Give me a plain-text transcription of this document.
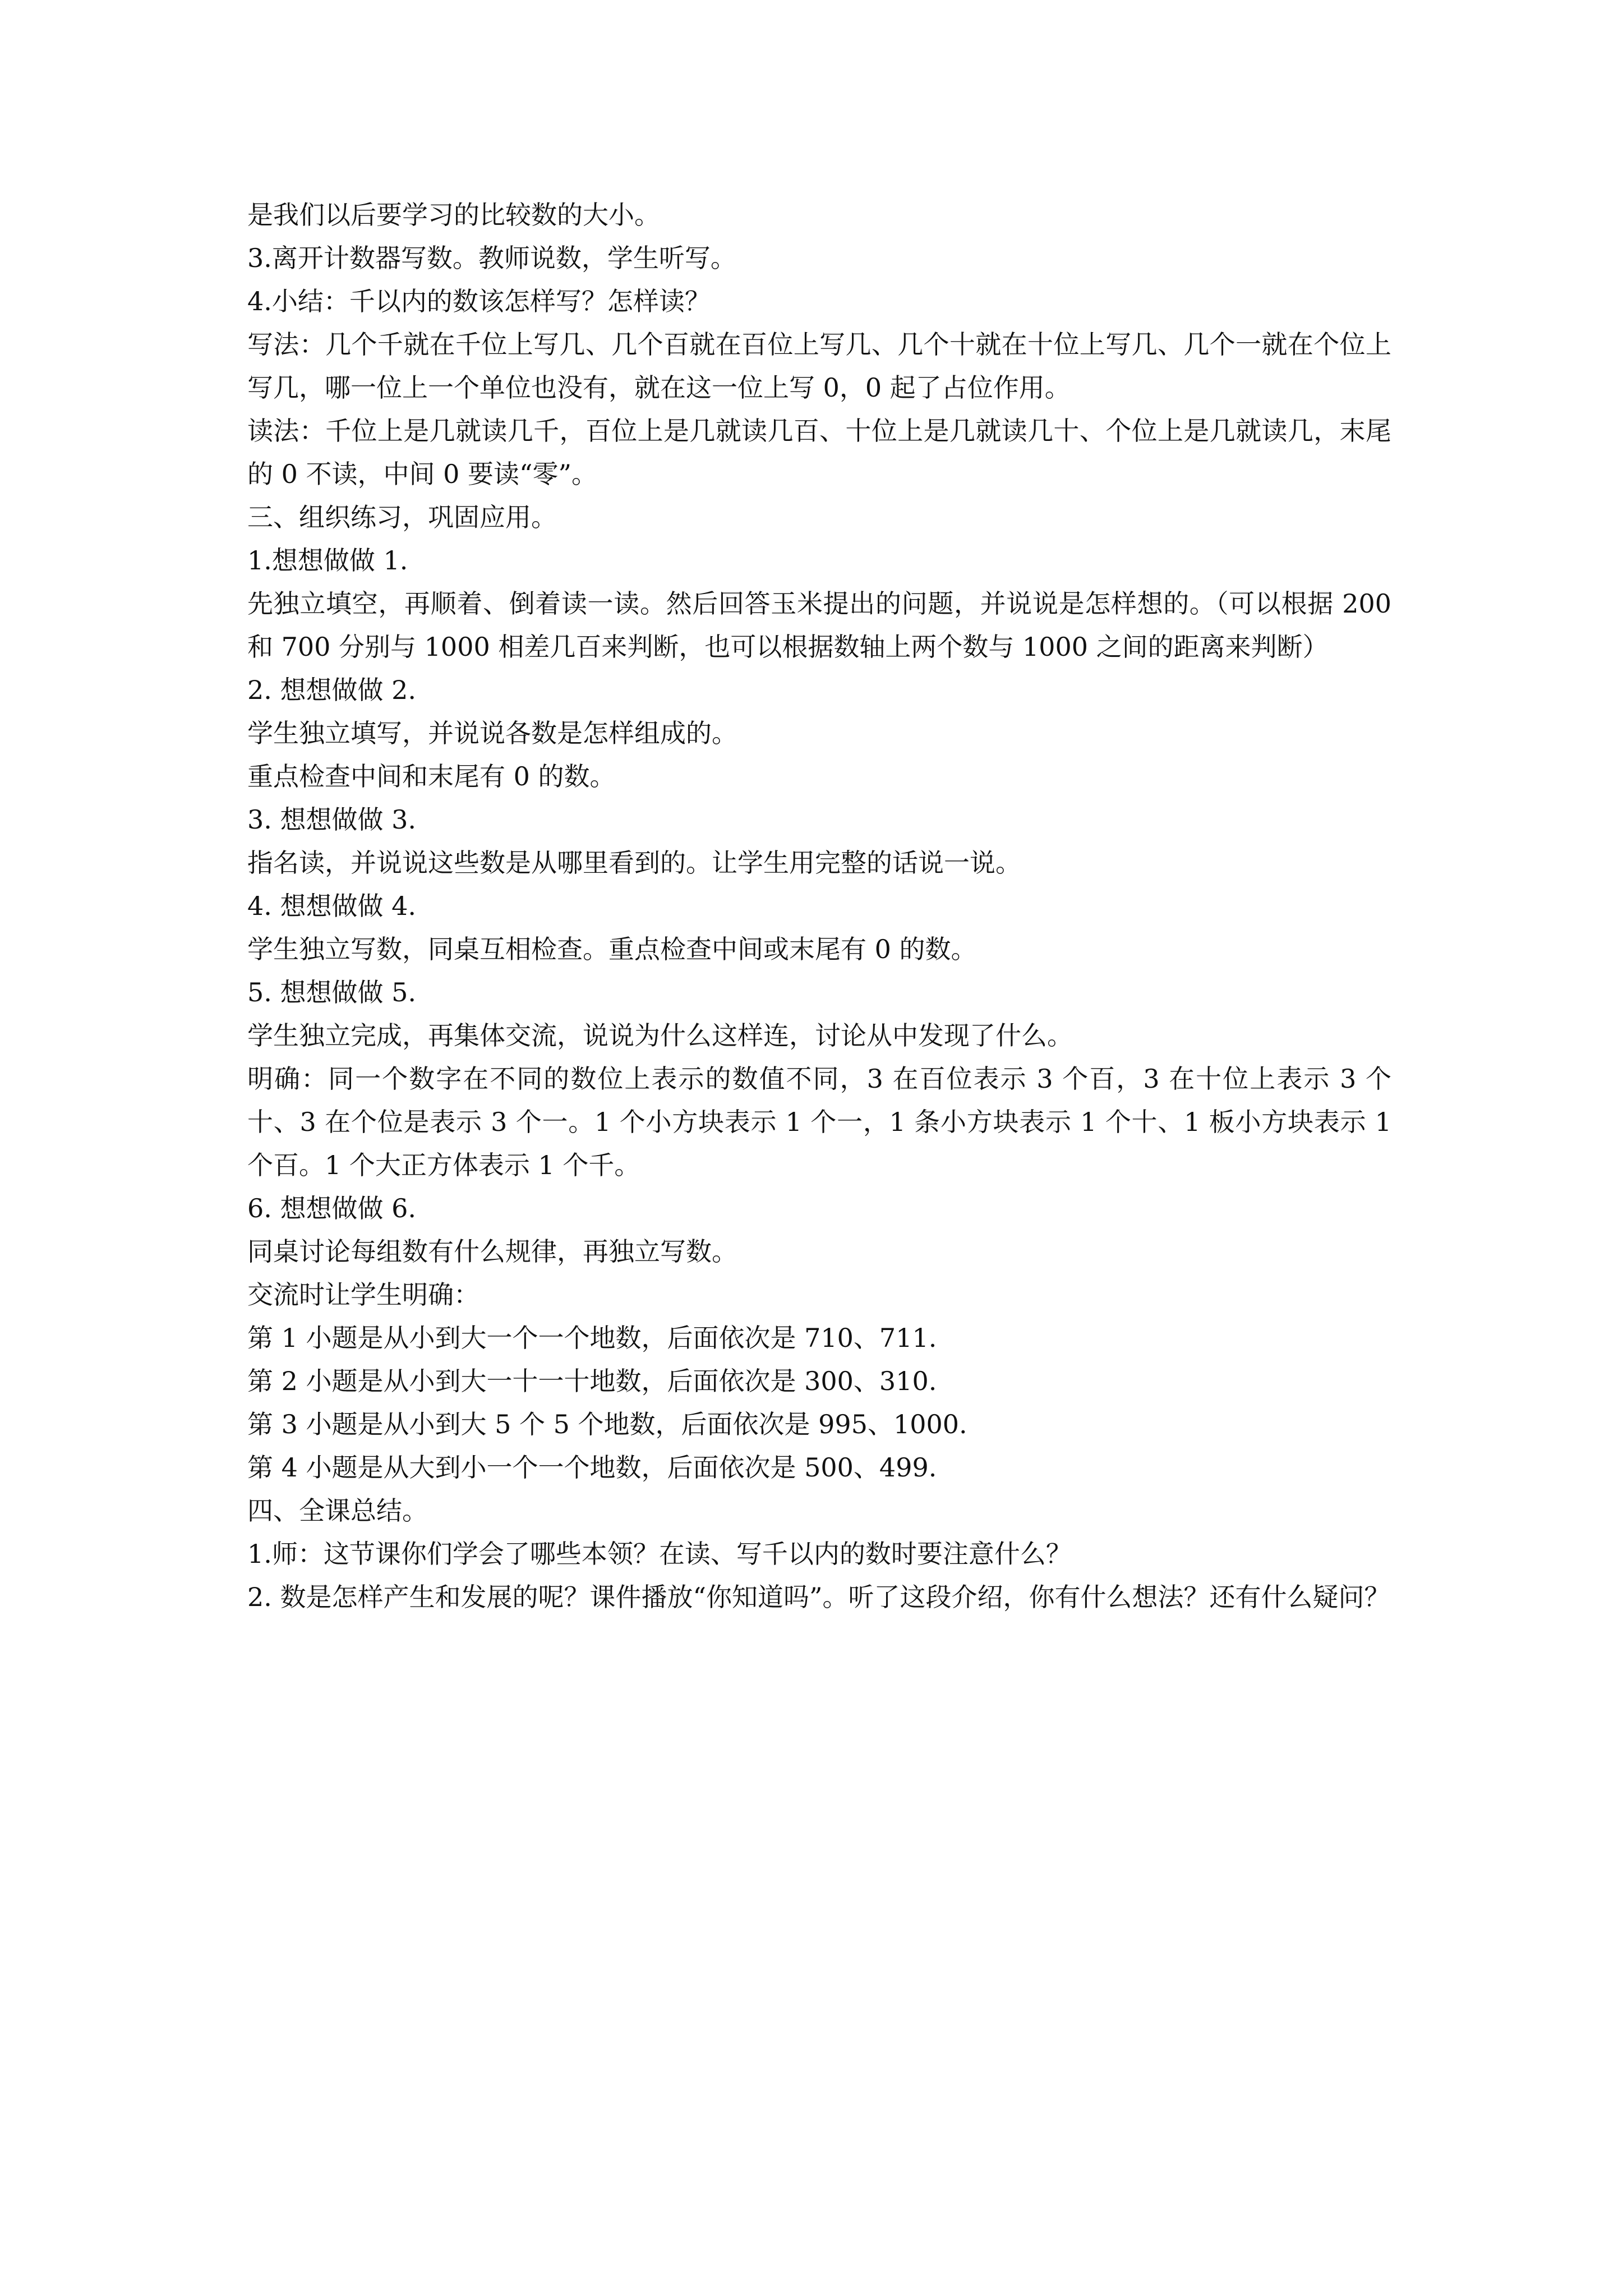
是我们以后要学习的比较数的大小。

3.离开计数器写数。教师说数，学生听写。

4.小结：千以内的数该怎样写？怎样读？

写法：几个千就在千位上写几、几个百就在百位上写几、几个十就在十位上写几、几个一就在个位上写几，哪一位上一个单位也没有，就在这一位上写 0，0 起了占位作用。

读法：千位上是几就读几千，百位上是几就读几百、十位上是几就读几十、个位上是几就读几，末尾的 0 不读，中间 0 要读“零”。

三、组织练习，巩固应用。

1.想想做做 1.

先独立填空，再顺着、倒着读一读。然后回答玉米提出的问题，并说说是怎样想的。（可以根据 200 和 700 分别与 1000 相差几百来判断，也可以根据数轴上两个数与 1000 之间的距离来判断）

2. 想想做做 2.

学生独立填写，并说说各数是怎样组成的。

重点检查中间和末尾有 0 的数。

3. 想想做做 3.

指名读，并说说这些数是从哪里看到的。让学生用完整的话说一说。

4. 想想做做 4.

学生独立写数，同桌互相检查。重点检查中间或末尾有 0 的数。

5. 想想做做 5.

学生独立完成，再集体交流，说说为什么这样连，讨论从中发现了什么。

明确：同一个数字在不同的数位上表示的数值不同，3 在百位表示 3 个百，3 在十位上表示 3 个十、3 在个位是表示 3 个一。1 个小方块表示 1 个一，1 条小方块表示 1 个十、1 板小方块表示 1 个百。1 个大正方体表示 1 个千。

6. 想想做做 6.

同桌讨论每组数有什么规律，再独立写数。

交流时让学生明确：

第 1 小题是从小到大一个一个地数，后面依次是 710、711.

第 2 小题是从小到大一十一十地数，后面依次是 300、310.

第 3 小题是从小到大 5 个 5 个地数，后面依次是 995、1000.

第 4 小题是从大到小一个一个地数，后面依次是 500、499.

四、全课总结。

1.师：这节课你们学会了哪些本领？在读、写千以内的数时要注意什么？

2. 数是怎样产生和发展的呢？课件播放“你知道吗”。听了这段介绍，你有什么想法？还有什么疑问？
